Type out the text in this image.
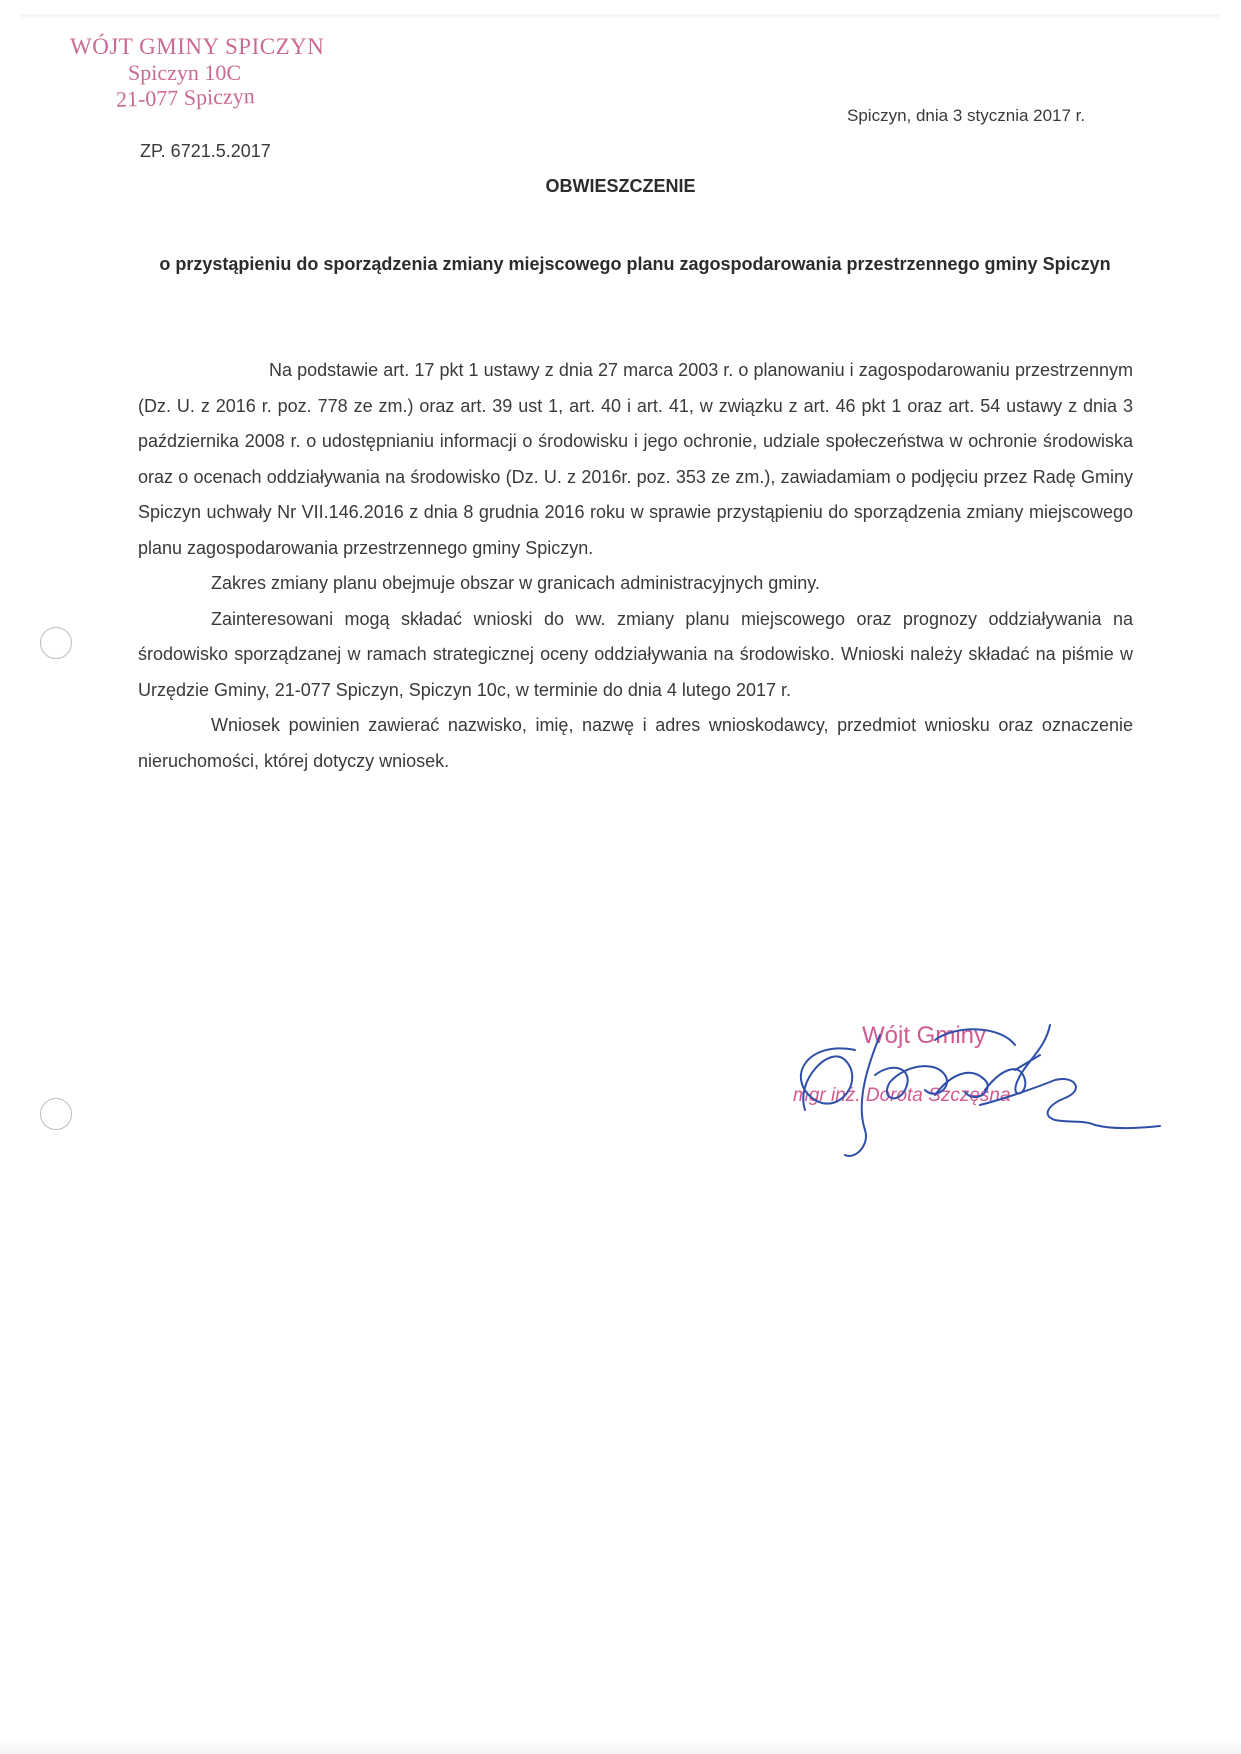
WÓJT GMINY SPICZYN
Spiczyn 10C
21-077 Spiczyn
Spiczyn, dnia 3 stycznia 2017 r.
ZP. 6721.5.2017
OBWIESZCZENIE
o przystąpieniu do sporządzenia zmiany miejscowego planu zagospodarowania przestrzennego gminy Spiczyn

Na podstawie art. 17 pkt 1 ustawy z dnia 27 marca 2003 r. o planowaniu i zagospodarowaniu przestrzennym (Dz. U. z 2016 r. poz. 778 ze zm.) oraz art. 39 ust 1, art. 40 i art. 41, w związku z art. 46 pkt 1 oraz art. 54 ustawy z dnia 3 października 2008 r. o udostępnianiu informacji o środowisku i jego ochronie, udziale społeczeństwa w ochronie środowiska oraz o ocenach oddziaływania na środowisko (Dz. U. z 2016r. poz. 353 ze zm.), zawiadamiam o podjęciu przez Radę Gminy Spiczyn uchwały Nr VII.146.2016 z dnia 8 grudnia 2016 roku w sprawie przystąpieniu do sporządzenia zmiany miejscowego planu zagospodarowania przestrzennego gminy Spiczyn.

Zakres zmiany planu obejmuje obszar w granicach administracyjnych gminy.

Zainteresowani mogą składać wnioski do ww. zmiany planu miejscowego oraz prognozy oddziaływania na środowisko sporządzanej w ramach strategicznej oceny oddziaływania na środowisko. Wnioski należy składać na piśmie w Urzędzie Gminy, 21-077 Spiczyn, Spiczyn 10c, w terminie do dnia 4 lutego 2017 r.

Wniosek powinien zawierać nazwisko, imię, nazwę i adres wnioskodawcy, przedmiot wniosku oraz oznaczenie nieruchomości, której dotyczy wniosek.

Wójt Gminy
mgr inż. Dorota Szczęsna
